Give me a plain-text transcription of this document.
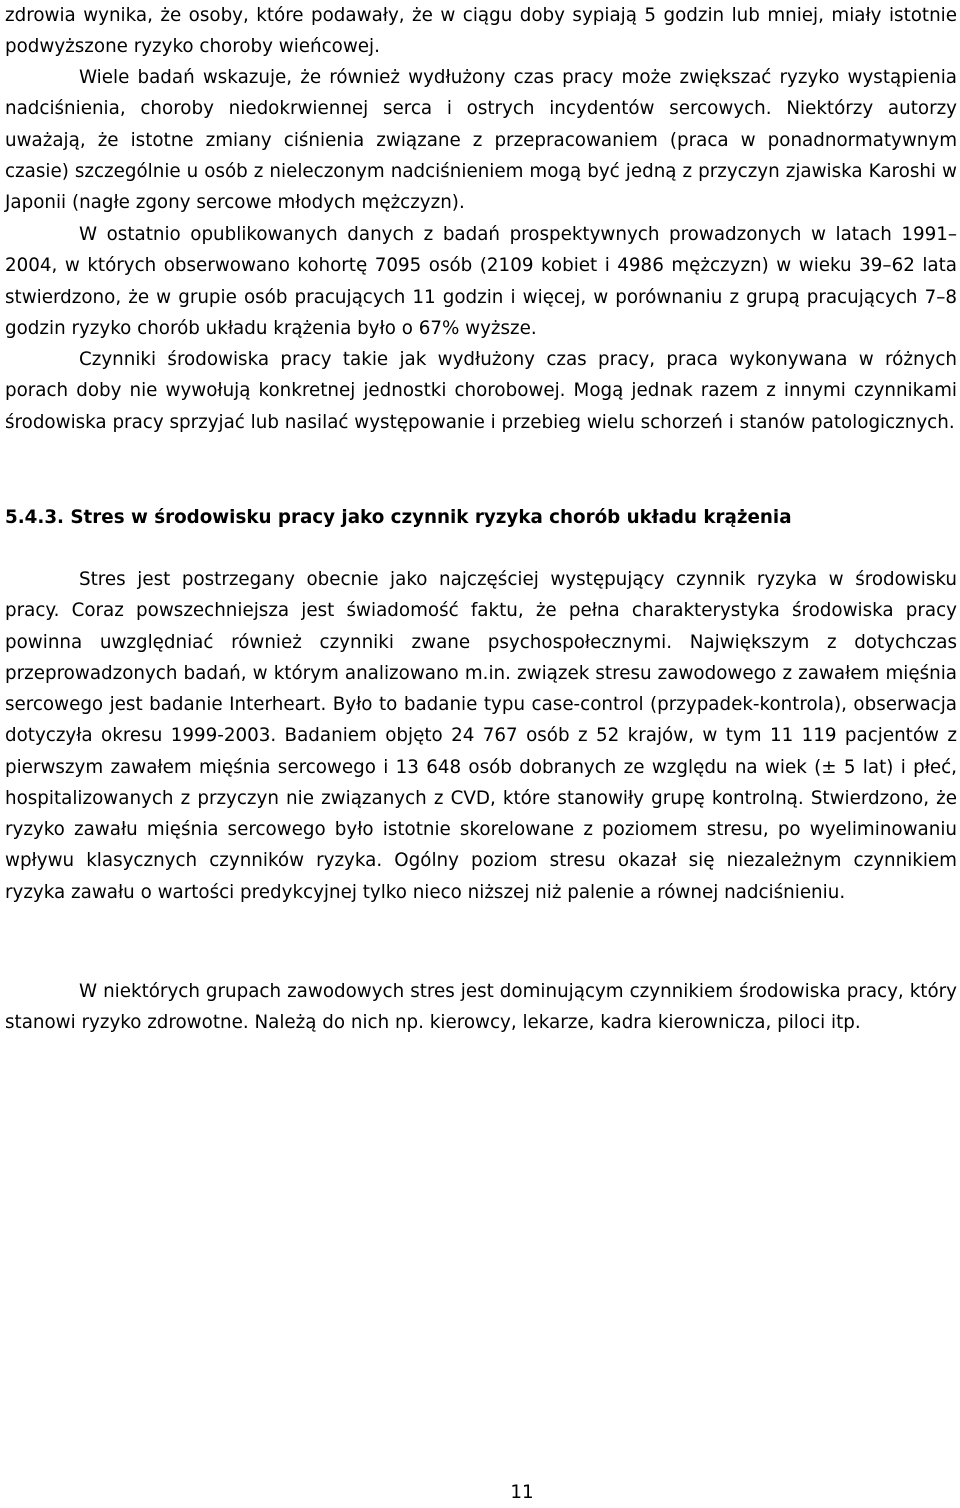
zdrowia wynika, że osoby, które podawały, że w ciągu doby sypiają 5 godzin lub mniej, miały istotnie podwyższone ryzyko choroby wieńcowej.

Wiele badań wskazuje, że również wydłużony czas pracy może zwiększać ryzyko wystąpienia nadciśnienia, choroby niedokrwiennej serca i ostrych incydentów sercowych. Niektórzy autorzy uważają, że istotne zmiany ciśnienia związane z przepracowaniem (praca w ponadnormatywnym czasie) szczególnie u osób z nieleczonym nadciśnieniem mogą być jedną z przyczyn zjawiska Karoshi w Japonii (nagłe zgony sercowe młodych mężczyzn).

W ostatnio opublikowanych danych z badań prospektywnych prowadzonych w latach 1991–2004, w których obserwowano kohortę 7095 osób (2109 kobiet i 4986 mężczyzn) w wieku 39–62 lata stwierdzono, że w grupie osób pracujących 11 godzin i więcej, w porównaniu z grupą pracujących 7–8 godzin ryzyko chorób układu krążenia było o 67% wyższe.

Czynniki środowiska pracy takie jak wydłużony czas pracy, praca wykonywana w różnych porach doby nie wywołują konkretnej jednostki chorobowej. Mogą jednak razem z innymi czynnikami środowiska pracy sprzyjać lub nasilać występowanie i przebieg wielu schorzeń i stanów patologicznych.

5.4.3. Stres w środowisku pracy jako czynnik ryzyka chorób układu krążenia

Stres jest postrzegany obecnie jako najczęściej występujący czynnik ryzyka w środowisku pracy. Coraz powszechniejsza jest świadomość faktu, że pełna charakterystyka środowiska pracy powinna uwzględniać również czynniki zwane psychospołecznymi. Największym z dotychczas przeprowadzonych badań, w którym analizowano m.in. związek stresu zawodowego z zawałem mięśnia sercowego jest badanie Interheart. Było to badanie typu case-control (przypadek-kontrola), obserwacja dotyczyła okresu 1999-2003. Badaniem objęto 24 767 osób z 52 krajów, w tym 11 119 pacjentów z pierwszym zawałem mięśnia sercowego i 13 648 osób dobranych ze względu na wiek (± 5 lat) i płeć, hospitalizowanych z przyczyn nie związanych z CVD, które stanowiły grupę kontrolną. Stwierdzono, że ryzyko zawału mięśnia sercowego było istotnie skorelowane z poziomem stresu, po wyeliminowaniu wpływu klasycznych czynników ryzyka. Ogólny poziom stresu okazał się niezależnym czynnikiem ryzyka zawału o wartości predykcyjnej tylko nieco niższej niż palenie a równej nadciśnieniu.

W niektórych grupach zawodowych stres jest dominującym czynnikiem środowiska pracy, który stanowi ryzyko zdrowotne. Należą do nich np. kierowcy, lekarze, kadra kierownicza, piloci itp.

11
